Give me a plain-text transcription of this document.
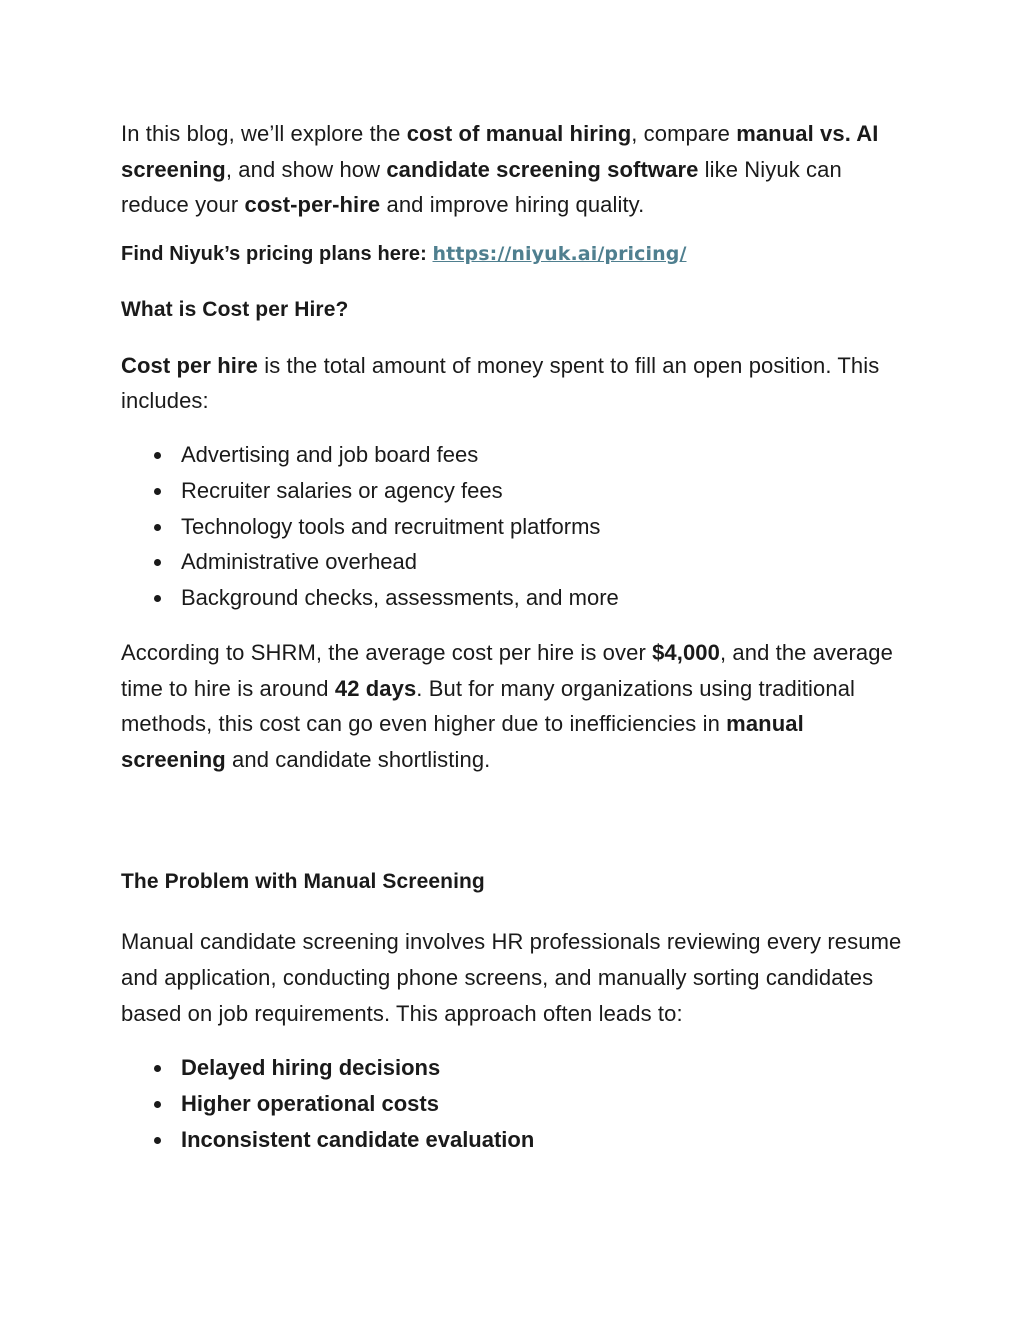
In this blog, we’ll explore the cost of manual hiring, compare manual vs. AI screening, and show how candidate screening software like Niyuk can reduce your cost-per-hire and improve hiring quality.

Find Niyuk’s pricing plans here: https://niyuk.ai/pricing/

What is Cost per Hire?

Cost per hire is the total amount of money spent to fill an open position. This includes:

Advertising and job board fees
Recruiter salaries or agency fees
Technology tools and recruitment platforms
Administrative overhead
Background checks, assessments, and more

According to SHRM, the average cost per hire is over $4,000, and the average time to hire is around 42 days. But for many organizations using traditional methods, this cost can go even higher due to inefficiencies in manual screening and candidate shortlisting.

The Problem with Manual Screening

Manual candidate screening involves HR professionals reviewing every resume and application, conducting phone screens, and manually sorting candidates based on job requirements. This approach often leads to:

Delayed hiring decisions
Higher operational costs
Inconsistent candidate evaluation
